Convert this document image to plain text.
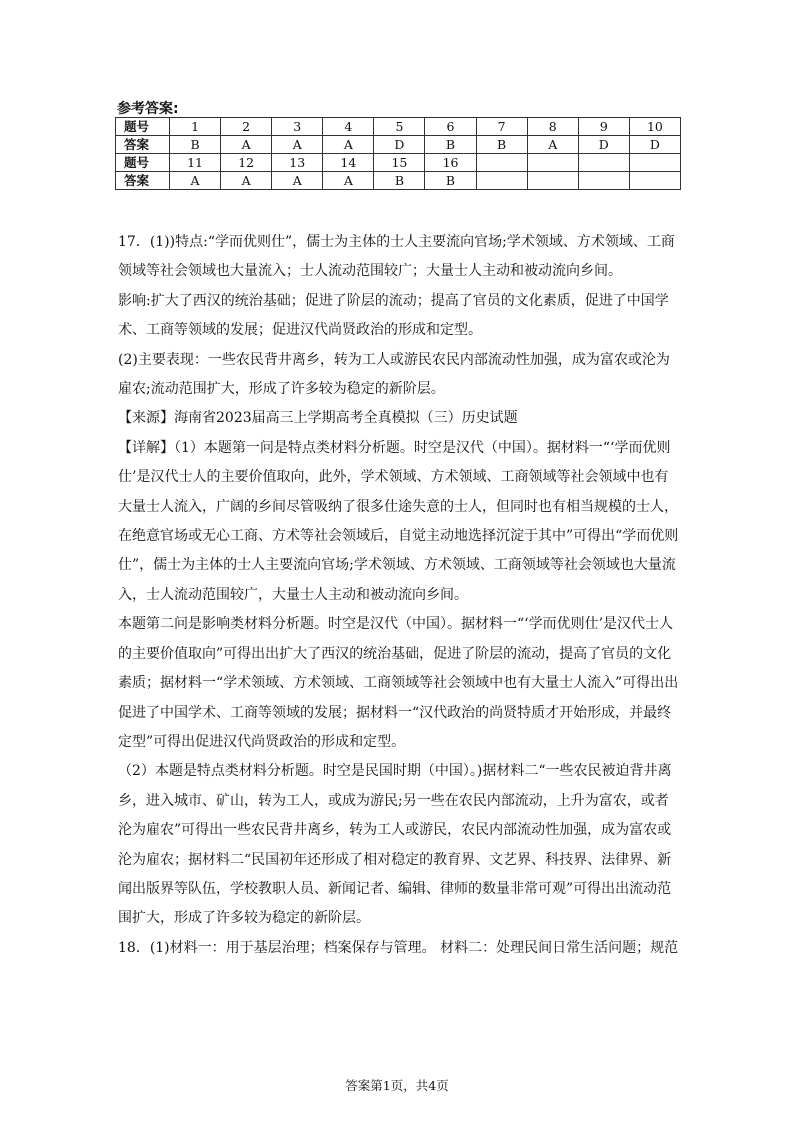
参考答案:
题号	1	2	3	4	5	6	7	8	9	10
答案	B	A	A	A	D	B	B	A	D	D
题号	11	12	13	14	15	16				
答案	A	A	A	A	B	B				

17．(1))特点:“学而优则仕”，儒士为主体的士人主要流向官场;学术领域、方术领域、工商领域等社会领域也大量流入；士人流动范围较广；大量士人主动和被动流向乡间。

影响:扩大了西汉的统治基础；促进了阶层的流动；提高了官员的文化素质，促进了中国学术、工商等领域的发展；促进汉代尚贤政治的形成和定型。

(2)主要表现：一些农民背井离乡，转为工人或游民农民内部流动性加强，成为富农或沦为雇农;流动范围扩大，形成了许多较为稳定的新阶层。

【来源】海南省2023届高三上学期高考全真模拟（三）历史试题

【详解】（1）本题第一问是特点类材料分析题。时空是汉代（中国）。据材料一“‘学而优则仕’是汉代士人的主要价值取向，此外，学术领域、方术领域、工商领域等社会领域中也有大量士人流入，广阔的乡间尽管吸纳了很多仕途失意的士人，但同时也有相当规模的士人，在绝意官场或无心工商、方术等社会领域后，自觉主动地选择沉淀于其中”可得出“学而优则仕”，儒士为主体的士人主要流向官场;学术领域、方术领域、工商领域等社会领域也大量流入，士人流动范围较广，大量士人主动和被动流向乡间。

本题第二问是影响类材料分析题。时空是汉代（中国）。据材料一“‘学而优则仕’是汉代士人的主要价值取向”可得出出扩大了西汉的统治基础，促进了阶层的流动，提高了官员的文化素质；据材料一“学术领域、方术领域、工商领域等社会领域中也有大量士人流入”可得出出促进了中国学术、工商等领域的发展；据材料一“汉代政治的尚贤特质才开始形成，并最终定型”可得出促进汉代尚贤政治的形成和定型。

（2）本题是特点类材料分析题。时空是民国时期（中国）。)据材料二“一些农民被迫背井离乡，进入城市、矿山，转为工人，或成为游民;另一些在农民内部流动，上升为富农，或者沦为雇农”可得出一些农民背井离乡，转为工人或游民，农民内部流动性加强，成为富农或沦为雇农；据材料二“民国初年还形成了相对稳定的教育界、文艺界、科技界、法律界、新闻出版界等队伍，学校教职人员、新闻记者、编辑、律师的数量非常可观”可得出出流动范围扩大，形成了许多较为稳定的新阶层。

18．(1)材料一：用于基层治理；档案保存与管理。 材料二：处理民间日常生活问题；规范

答案第1页，共4页
